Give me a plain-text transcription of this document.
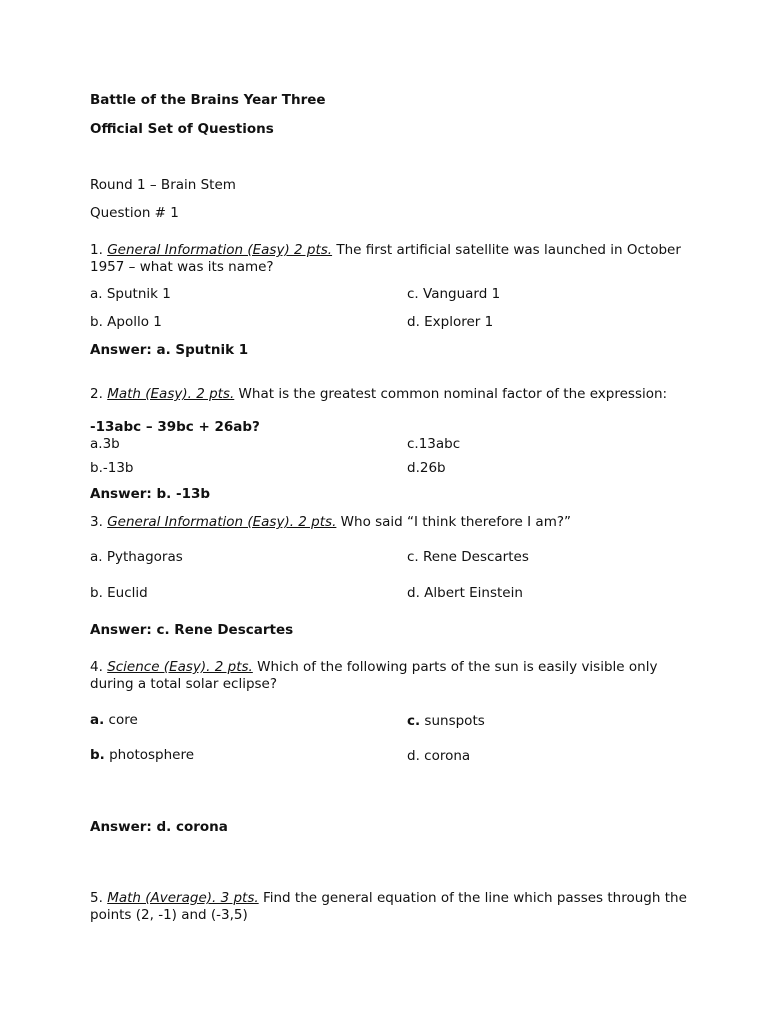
Battle of the Brains Year Three
Official Set of Questions
Round 1 – Brain Stem
Question # 1
1. General Information (Easy) 2 pts. The first artificial satellite was launched in October 1957 – what was its name?
a. Sputnik 1	c. Vanguard 1
b. Apollo 1	d. Explorer 1
Answer: a. Sputnik 1
2. Math (Easy). 2 pts. What is the greatest common nominal factor of the expression:
-13abc – 39bc + 26ab?
a.3b	c.13abc
b.-13b	d.26b
Answer: b. -13b
3. General Information (Easy). 2 pts. Who said “I think therefore I am?”
a. Pythagoras	c. Rene Descartes
b. Euclid	d. Albert Einstein
Answer: c. Rene Descartes
4. Science (Easy). 2 pts. Which of the following parts of the sun is easily visible only during a total solar eclipse?
a. core	c. sunspots
b. photosphere	d. corona
Answer: d. corona
5. Math (Average). 3 pts. Find the general equation of the line which passes through the points (2, -1) and (-3,5)
